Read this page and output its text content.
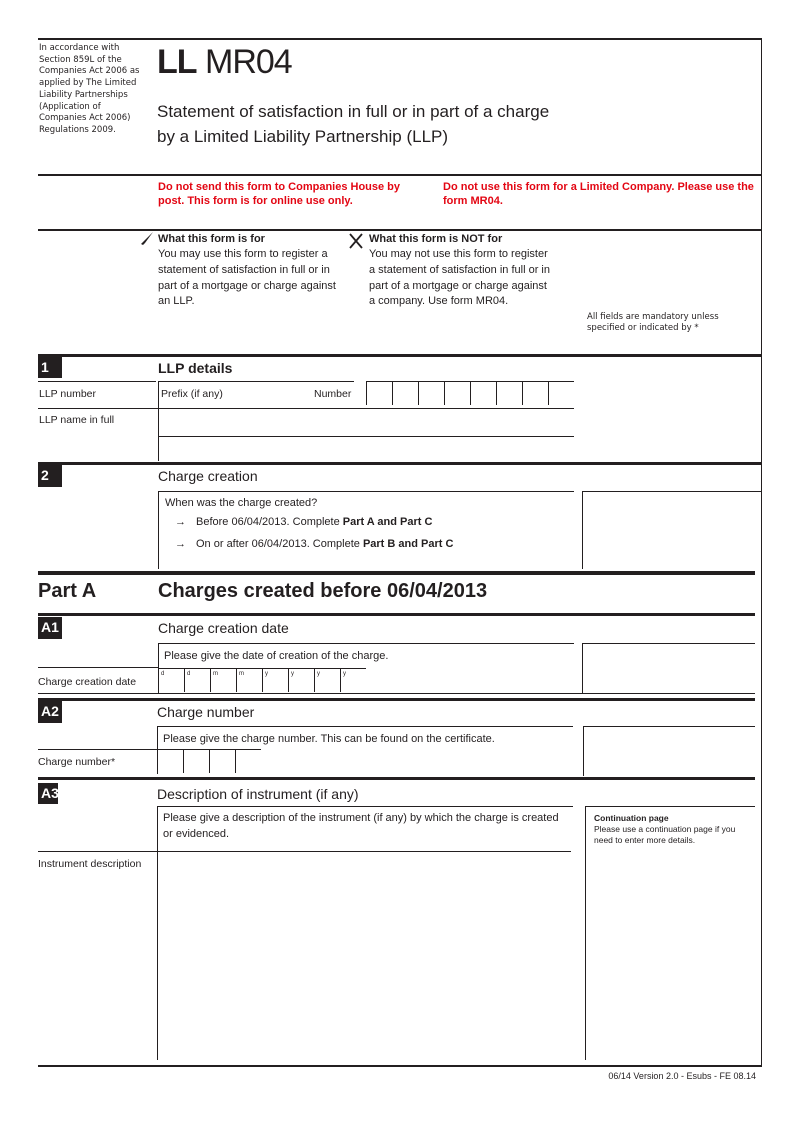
In accordance with Section 859L of the Companies Act 2006 as applied by The Limited Liability Partnerships (Application of Companies Act 2006) Regulations 2009.
LL MR04
Statement of satisfaction in full or in part of a charge by a Limited Liability Partnership (LLP)
Do not send this form to Companies House by post. This form is for online use only.
Do not use this form for a Limited Company. Please use the form MR04.
What this form is for
You may use this form to register a statement of satisfaction in full or in part of a mortgage or charge against an LLP.
What this form is NOT for
You may not use this form to register a statement of satisfaction in full or in part of a mortgage or charge against a company. Use form MR04.
All fields are mandatory unless specified or indicated by *
1	LLP details
LLP number	Prefix (if any)	Number
LLP name in full
2	Charge creation
When was the charge created?
→ Before 06/04/2013. Complete Part A and Part C
→ On or after 06/04/2013. Complete Part B and Part C
Part A	Charges created before 06/04/2013
A1	Charge creation date
Please give the date of creation of the charge.
Charge creation date
d	d	m	m	y	y	y	y
A2	Charge number
Please give the charge number. This can be found on the certificate.
Charge number*
A3	Description of instrument (if any)
Please give a description of the instrument (if any) by which the charge is created or evidenced.
Instrument description
Continuation page
Please use a continuation page if you need to enter more details.
06/14 Version 2.0 - Esubs - FE 08.14
